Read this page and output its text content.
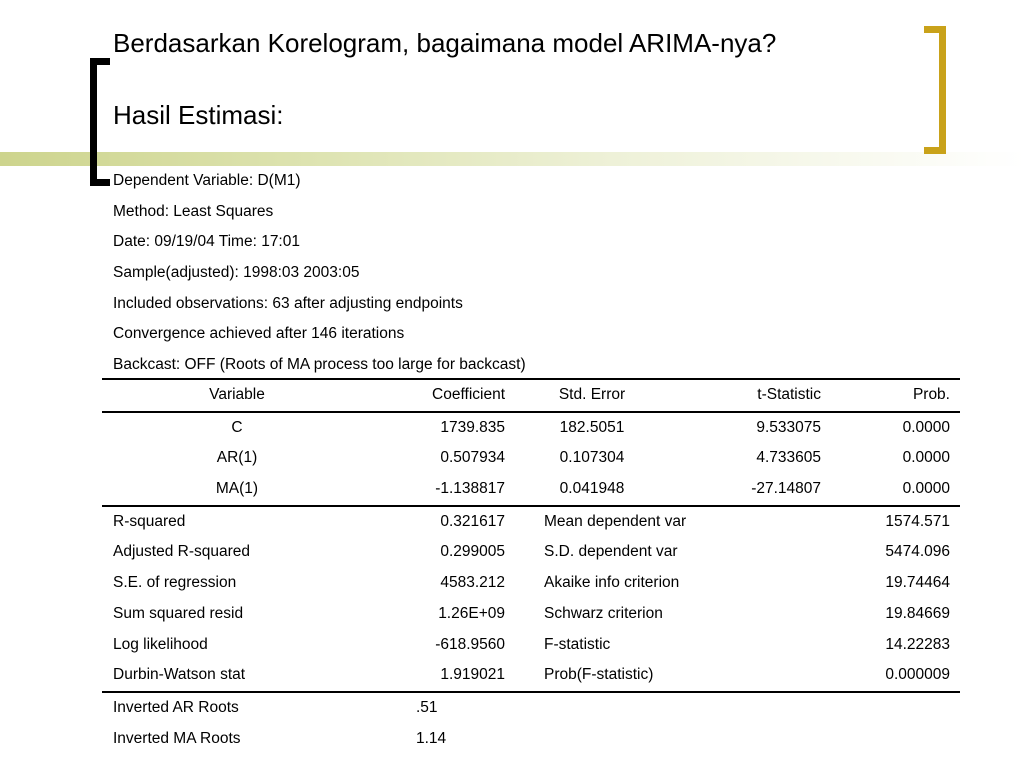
Berdasarkan Korelogram, bagaimana model ARIMA-nya?
Hasil Estimasi:
Dependent Variable: D(M1)
Method: Least Squares
Date: 09/19/04 Time: 17:01
Sample(adjusted): 1998:03 2003:05
Included observations: 63 after adjusting endpoints
Convergence achieved after 146 iterations
Backcast: OFF (Roots of MA process too large for backcast)
Variable	Coefficient	Std. Error	t-Statistic	Prob.
C	1739.835	182.5051	9.533075	0.0000
AR(1)	0.507934	0.107304	4.733605	0.0000
MA(1)	-1.138817	0.041948	-27.14807	0.0000
R-squared	0.321617	Mean dependent var	1574.571
Adjusted R-squared	0.299005	S.D. dependent var	5474.096
S.E. of regression	4583.212	Akaike info criterion	19.74464
Sum squared resid	1.26E+09	Schwarz criterion	19.84669
Log likelihood	-618.9560	F-statistic	14.22283
Durbin-Watson stat	1.919021	Prob(F-statistic)	0.000009
Inverted AR Roots	.51
Inverted MA Roots	1.14
